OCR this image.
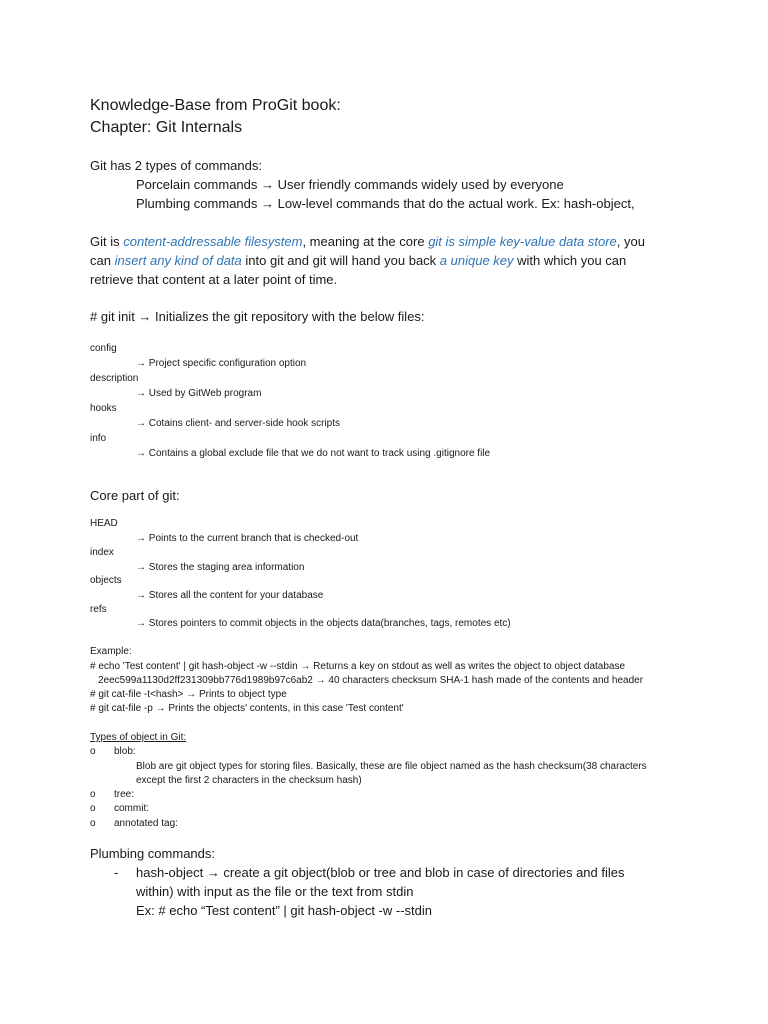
Knowledge-Base from ProGit book:
Chapter: Git Internals
Git has 2 types of commands:
Porcelain commands → User friendly commands widely used by everyone
Plumbing commands → Low-level commands that do the actual work. Ex: hash-object,
Git is content-addressable filesystem, meaning at the core git is simple key-value data store, you
can insert any kind of data into git and git will hand you back a unique key with which you can
retrieve that content at a later point of time.
# git init → Initializes the git repository with the below files:
config
→ Project specific configuration option
description
→ Used by GitWeb program
hooks
→ Cotains client- and server-side hook scripts
info
→ Contains a global exclude file that we do not want to track using .gitignore file
Core part of git:
HEAD
→ Points to the current branch that is checked-out
index
→ Stores the staging area information
objects
→ Stores all the content for your database
refs
→ Stores pointers to commit objects in the objects data(branches, tags, remotes etc)
Example:
# echo 'Test content' | git hash-object -w --stdin → Returns a key on stdout as well as writes the object to object database
2eec599a1130d2ff231309bb776d1989b97c6ab2 → 40 characters checksum SHA-1 hash made of the contents and header
# git cat-file -t<hash> → Prints to object type
# git cat-file -p → Prints the objects' contents, in this case 'Test content'
Types of object in Git:
o blob:
Blob are git object types for storing files. Basically, these are file object named as the hash checksum(38 characters
except the first 2 characters in the checksum hash)
o tree:
o commit:
o annotated tag:
Plumbing commands:
- hash-object → create a git object(blob or tree and blob in case of directories and files
within) with input as the file or the text from stdin
Ex: # echo “Test content” | git hash-object -w --stdin
